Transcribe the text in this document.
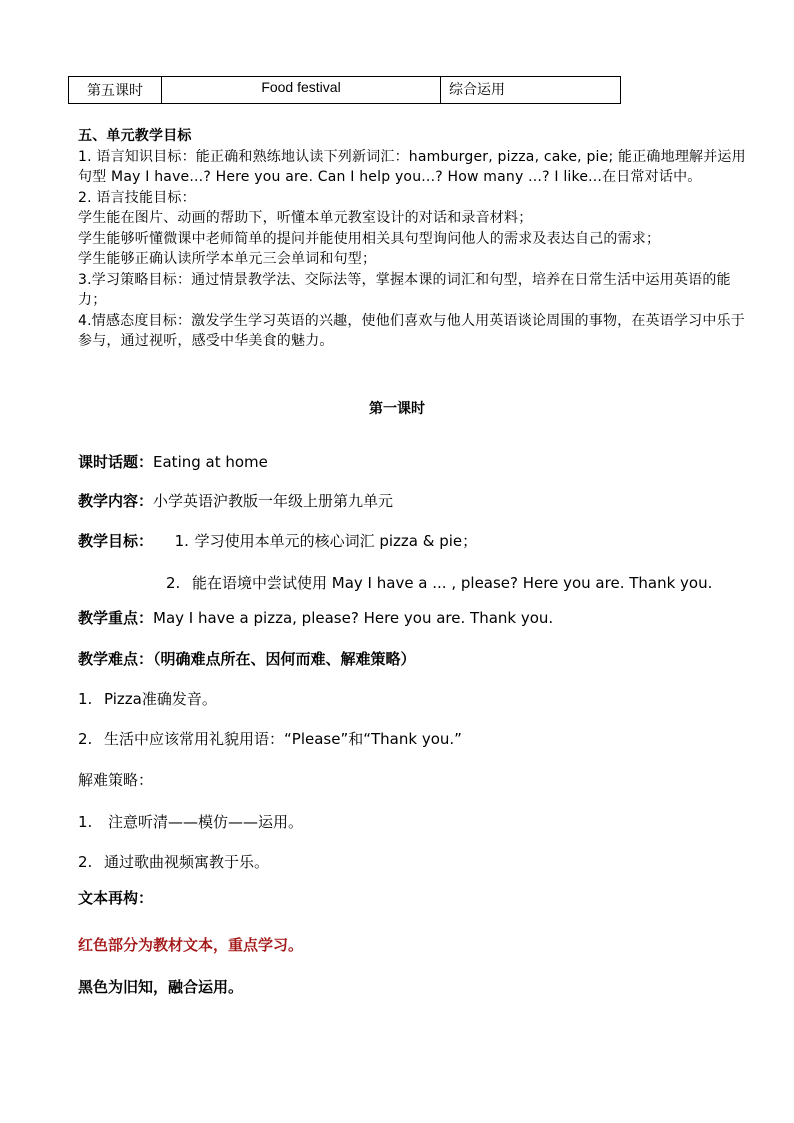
第五课时	Food festival	综合运用
五、单元教学目标
1. 语言知识目标：能正确和熟练地认读下列新词汇：hamburger, pizza, cake, pie; 能正确地理解并运用句型 May I have...? Here you are. Can I help you...? How many ...? I like...在日常对话中。
2. 语言技能目标：
学生能在图片、动画的帮助下，听懂本单元教室设计的对话和录音材料；
学生能够听懂微课中老师简单的提问并能使用相关具句型询问他人的需求及表达自己的需求；
学生能够正确认读所学本单元三会单词和句型；
3.学习策略目标：通过情景教学法、交际法等，掌握本课的词汇和句型，培养在日常生活中运用英语的能力；
4.情感态度目标：激发学生学习英语的兴趣，使他们喜欢与他人用英语谈论周围的事物，在英语学习中乐于参与，通过视听，感受中华美食的魅力。
第一课时
课时话题：Eating at home
教学内容：小学英语沪教版一年级上册第九单元
教学目标： 1. 学习使用本单元的核心词汇 pizza & pie；
2. 能在语境中尝试使用 May I have a ... , please? Here you are. Thank you.
教学重点：May I have a pizza, please? Here you are. Thank you.
教学难点：（明确难点所在、因何而难、解难策略）
1. Pizza准确发音。
2. 生活中应该常用礼貌用语：“Please”和“Thank you.”
解难策略：
1. 注意听清——模仿——运用。
2. 通过歌曲视频寓教于乐。
文本再构：
红色部分为教材文本，重点学习。
黑色为旧知，融合运用。
